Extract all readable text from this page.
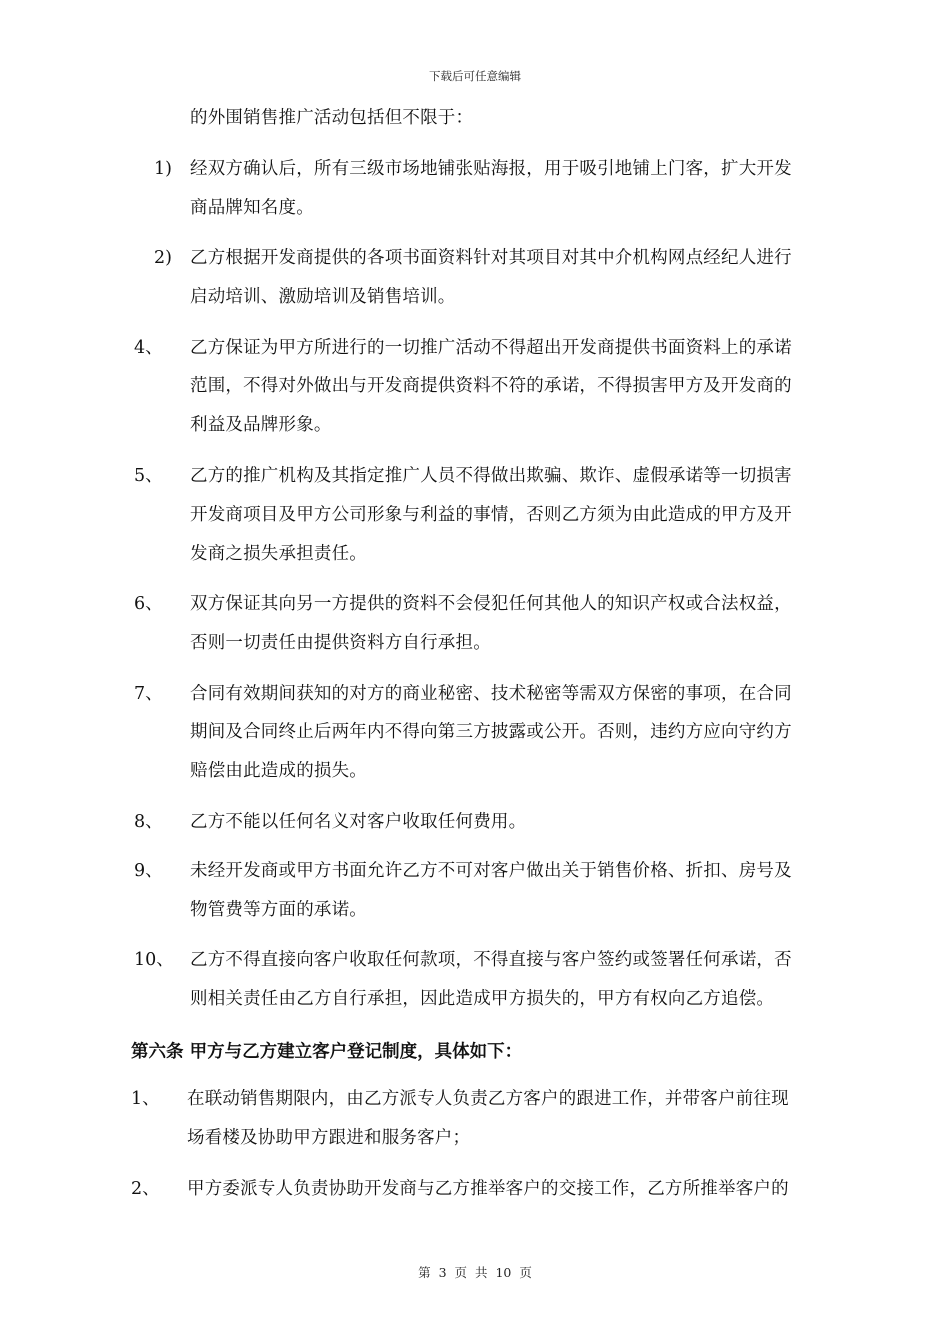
下载后可任意编辑
的外围销售推广活动包括但不限于：
1) 经双方确认后，所有三级市场地铺张贴海报，用于吸引地铺上门客，扩大开发
商品牌知名度。
2) 乙方根据开发商提供的各项书面资料针对其项目对其中介机构网点经纪人进行
启动培训、激励培训及销售培训。
4、 乙方保证为甲方所进行的一切推广活动不得超出开发商提供书面资料上的承诺
范围，不得对外做出与开发商提供资料不符的承诺，不得损害甲方及开发商的
利益及品牌形象。
5、 乙方的推广机构及其指定推广人员不得做出欺骗、欺诈、虚假承诺等一切损害
开发商项目及甲方公司形象与利益的事情，否则乙方须为由此造成的甲方及开
发商之损失承担责任。
6、 双方保证其向另一方提供的资料不会侵犯任何其他人的知识产权或合法权益，
否则一切责任由提供资料方自行承担。
7、 合同有效期间获知的对方的商业秘密、技术秘密等需双方保密的事项，在合同
期间及合同终止后两年内不得向第三方披露或公开。否则，违约方应向守约方
赔偿由此造成的损失。
8、 乙方不能以任何名义对客户收取任何费用。
9、 未经开发商或甲方书面允许乙方不可对客户做出关于销售价格、折扣、房号及
物管费等方面的承诺。
10、 乙方不得直接向客户收取任何款项，不得直接与客户签约或签署任何承诺，否
则相关责任由乙方自行承担，因此造成甲方损失的，甲方有权向乙方追偿。
第六条 甲方与乙方建立客户登记制度，具体如下：
1、 在联动销售期限内，由乙方派专人负责乙方客户的跟进工作，并带客户前往现
场看楼及协助甲方跟进和服务客户；
2、 甲方委派专人负责协助开发商与乙方推举客户的交接工作，乙方所推举客户的
第 3 页 共 10 页
